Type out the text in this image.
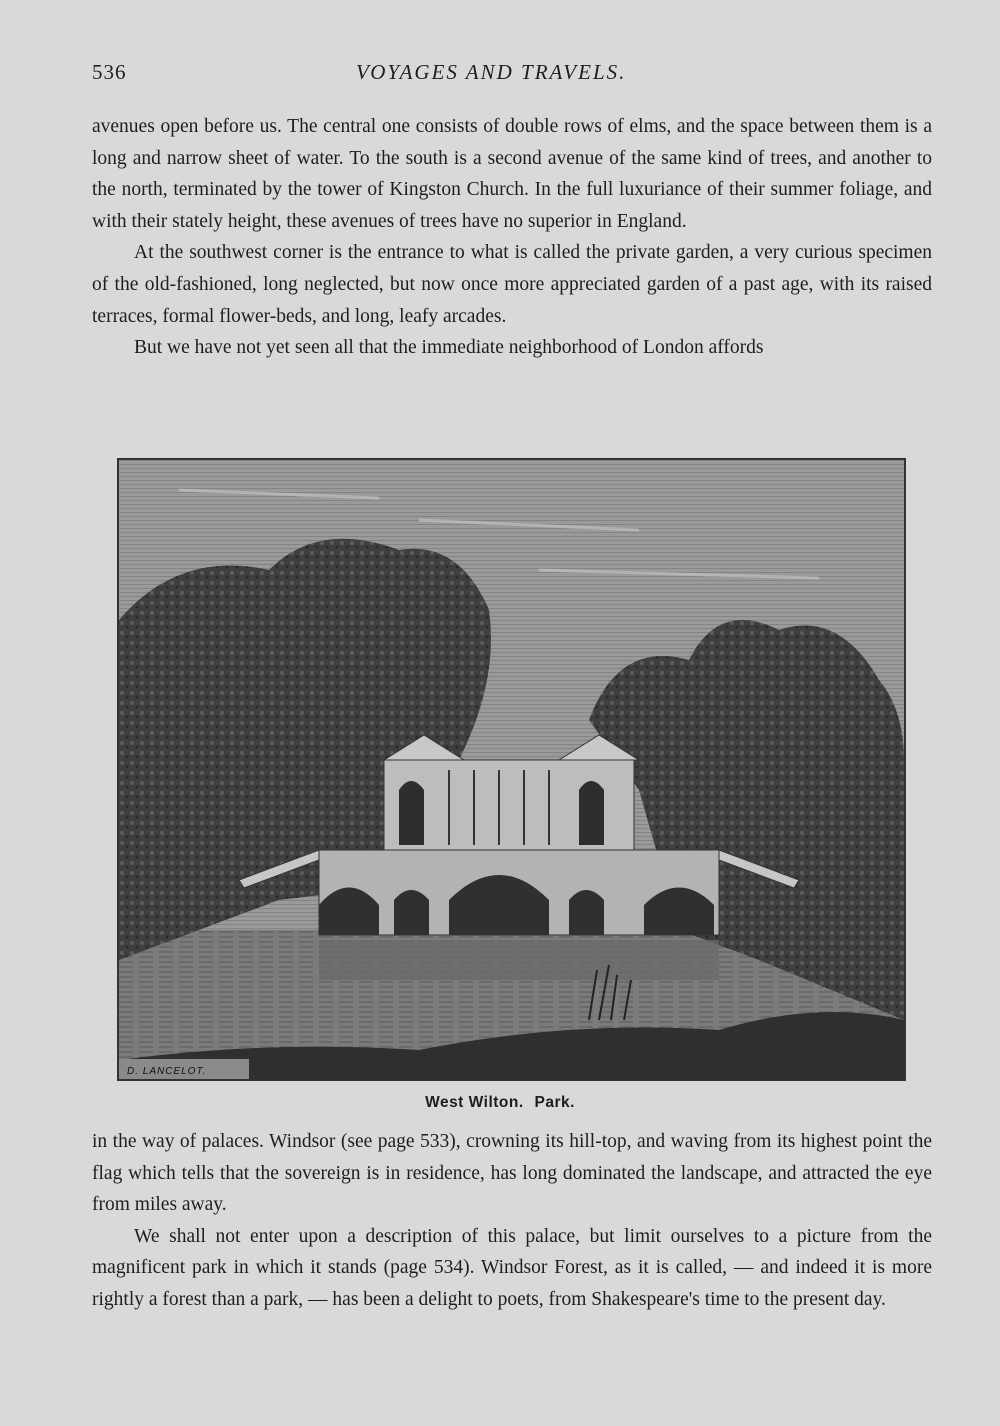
536	VOYAGES AND TRAVELS.

avenues open before us. The central one consists of double rows of elms, and the space between them is a long and narrow sheet of water. To the south is a second avenue of the same kind of trees, and another to the north, terminated by the tower of Kingston Church. In the full luxuriance of their summer foliage, and with their stately height, these avenues of trees have no superior in England.

At the southwest corner is the entrance to what is called the private garden, a very curious specimen of the old-fashioned, long neglected, but now once more appreciated garden of a past age, with its raised terraces, formal flower-beds, and long, leafy arcades.

But we have not yet seen all that the immediate neighborhood of London affords

D. LANCELOT.
West Wilton. Park.

in the way of palaces. Windsor (see page 533), crowning its hill-top, and waving from its highest point the flag which tells that the sovereign is in residence, has long dominated the landscape, and attracted the eye from miles away.

We shall not enter upon a description of this palace, but limit ourselves to a picture from the magnificent park in which it stands (page 534). Windsor Forest, as it is called, — and indeed it is more rightly a forest than a park, — has been a delight to poets, from Shakespeare's time to the present day.
